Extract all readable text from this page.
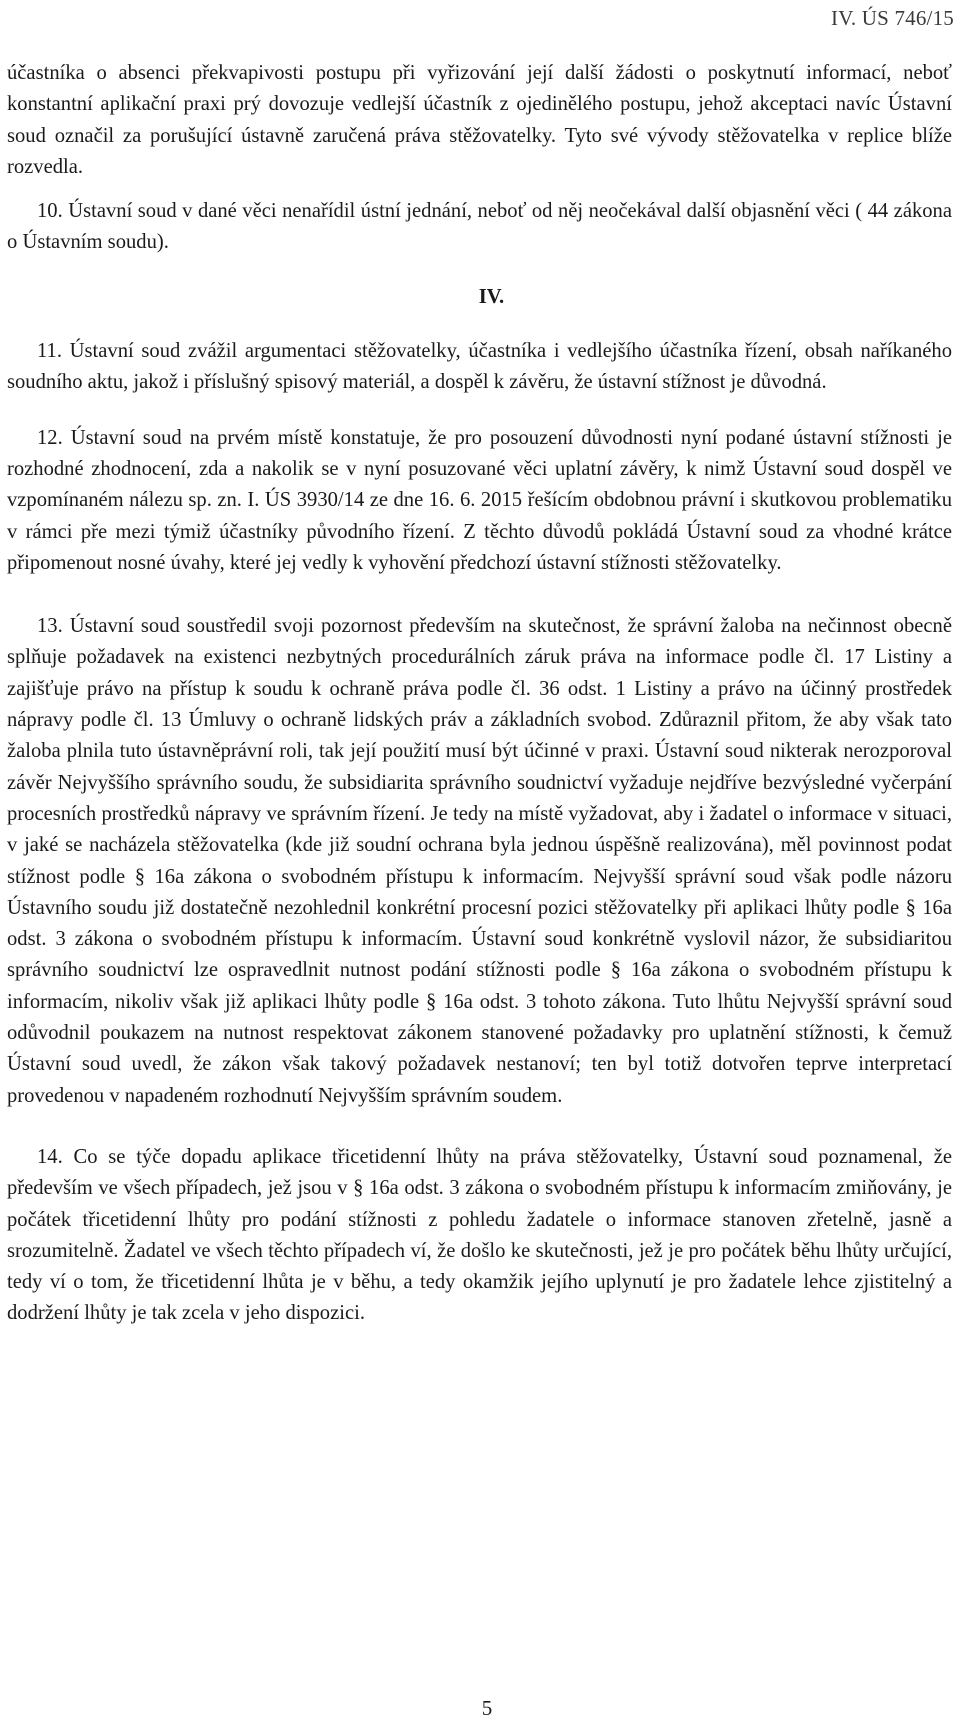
IV. ÚS 746/15

účastníka o absenci překvapivosti postupu při vyřizování její další žádosti o poskytnutí informací, neboť konstantní aplikační praxi prý dovozuje vedlejší účastník z ojedinělého postupu, jehož akceptaci navíc Ústavní soud označil za porušující ústavně zaručená práva stěžovatelky. Tyto své vývody stěžovatelka v replice blíže rozvedla.

10. Ústavní soud v dané věci nenařídil ústní jednání, neboť od něj neočekával další objasnění věci ( 44 zákona o Ústavním soudu).

IV.

11. Ústavní soud zvážil argumentaci stěžovatelky, účastníka i vedlejšího účastníka řízení, obsah naříkaného soudního aktu, jakož i příslušný spisový materiál, a dospěl k závěru, že ústavní stížnost je důvodná.

12. Ústavní soud na prvém místě konstatuje, že pro posouzení důvodnosti nyní podané ústavní stížnosti je rozhodné zhodnocení, zda a nakolik se v nyní posuzované věci uplatní závěry, k nimž Ústavní soud dospěl ve vzpomínaném nálezu sp. zn. I. ÚS 3930/14 ze dne 16. 6. 2015 řešícím obdobnou právní i skutkovou problematiku v rámci pře mezi týmiž účastníky původního řízení. Z těchto důvodů pokládá Ústavní soud za vhodné krátce připomenout nosné úvahy, které jej vedly k vyhovění předchozí ústavní stížnosti stěžovatelky.

13. Ústavní soud soustředil svoji pozornost především na skutečnost, že správní žaloba na nečinnost obecně splňuje požadavek na existenci nezbytných procedurálních záruk práva na informace podle čl. 17 Listiny a zajišťuje právo na přístup k soudu k ochraně práva podle čl. 36 odst. 1 Listiny a právo na účinný prostředek nápravy podle čl. 13 Úmluvy o ochraně lidských práv a základních svobod. Zdůraznil přitom, že aby však tato žaloba plnila tuto ústavněprávní roli, tak její použití musí být účinné v praxi. Ústavní soud nikterak nerozporoval závěr Nejvyššího správního soudu, že subsidiarita správního soudnictví vyžaduje nejdříve bezvýsledné vyčerpání procesních prostředků nápravy ve správním řízení. Je tedy na místě vyžadovat, aby i žadatel o informace v situaci, v jaké se nacházela stěžovatelka (kde již soudní ochrana byla jednou úspěšně realizována), měl povinnost podat stížnost podle § 16a zákona o svobodném přístupu k informacím. Nejvyšší správní soud však podle názoru Ústavního soudu již dostatečně nezohlednil konkrétní procesní pozici stěžovatelky při aplikaci lhůty podle § 16a odst. 3 zákona o svobodném přístupu k informacím. Ústavní soud konkrétně vyslovil názor, že subsidiaritou správního soudnictví lze ospravedlnit nutnost podání stížnosti podle § 16a zákona o svobodném přístupu k informacím, nikoliv však již aplikaci lhůty podle § 16a odst. 3 tohoto zákona. Tuto lhůtu Nejvyšší správní soud odůvodnil poukazem na nutnost respektovat zákonem stanovené požadavky pro uplatnění stížnosti, k čemuž Ústavní soud uvedl, že zákon však takový požadavek nestanoví; ten byl totiž dotvořen teprve interpretací provedenou v napadeném rozhodnutí Nejvyšším správním soudem.

14. Co se týče dopadu aplikace třicetidenní lhůty na práva stěžovatelky, Ústavní soud poznamenal, že především ve všech případech, jež jsou v § 16a odst. 3 zákona o svobodném přístupu k informacím zmiňovány, je počátek třicetidenní lhůty pro podání stížnosti z pohledu žadatele o informace stanoven zřetelně, jasně a srozumitelně. Žadatel ve všech těchto případech ví, že došlo ke skutečnosti, jež je pro počátek běhu lhůty určující, tedy ví o tom, že třicetidenní lhůta je v běhu, a tedy okamžik jejího uplynutí je pro žadatele lehce zjistitelný a dodržení lhůty je tak zcela v jeho dispozici.

5
